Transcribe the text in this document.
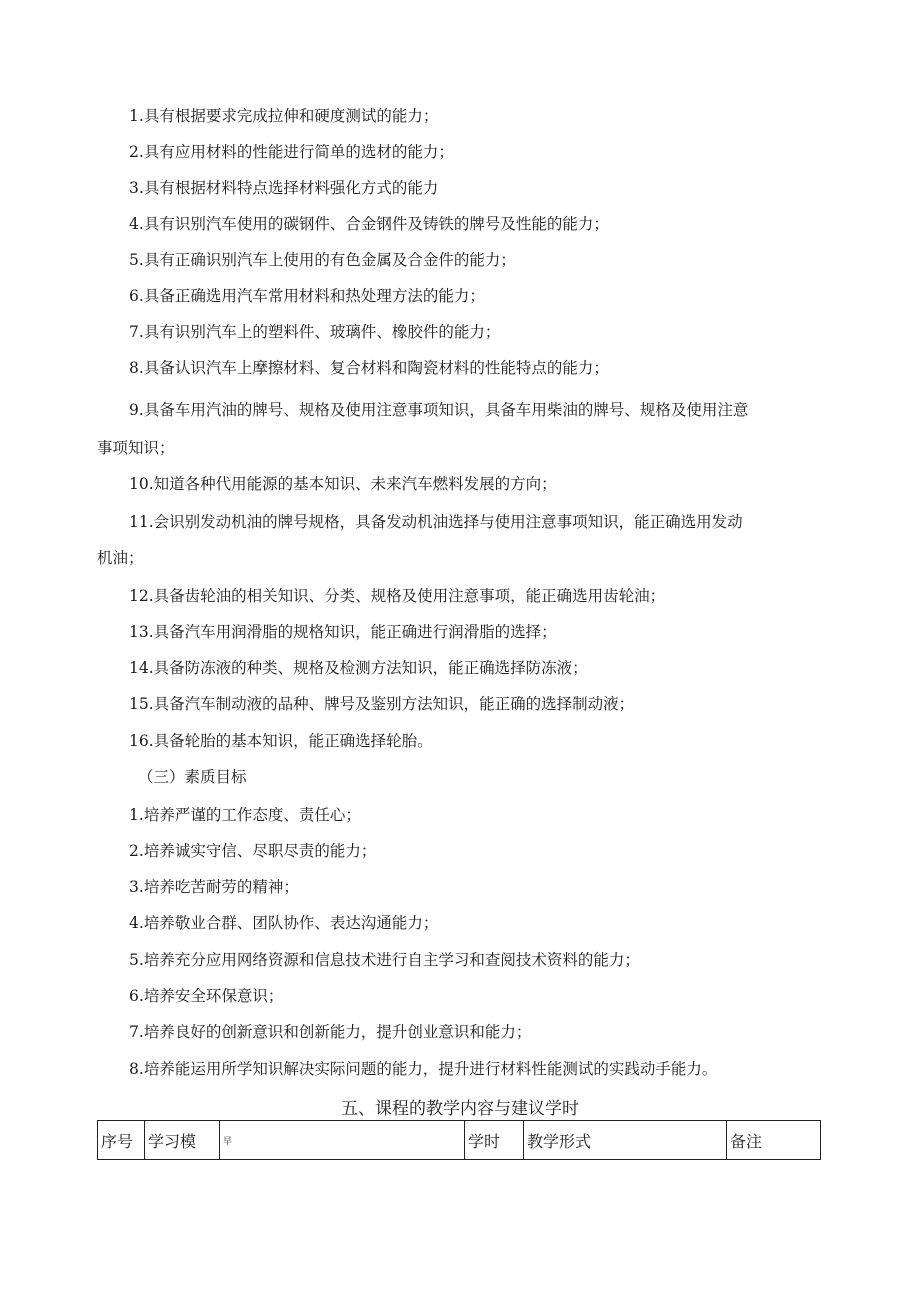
1.具有根据要求完成拉伸和硬度测试的能力；
2.具有应用材料的性能进行简单的选材的能力；
3.具有根据材料特点选择材料强化方式的能力
4.具有识别汽车使用的碳钢件、合金钢件及铸铁的牌号及性能的能力；
5.具有正确识别汽车上使用的有色金属及合金件的能力；
6.具备正确选用汽车常用材料和热处理方法的能力；
7.具有识别汽车上的塑料件、玻璃件、橡胶件的能力；
8.具备认识汽车上摩擦材料、复合材料和陶瓷材料的性能特点的能力；
9.具备车用汽油的牌号、规格及使用注意事项知识，具备车用柴油的牌号、规格及使用注意
事项知识；
10.知道各种代用能源的基本知识、未来汽车燃料发展的方向；
11.会识别发动机油的牌号规格，具备发动机油选择与使用注意事项知识，能正确选用发动
机油；
12.具备齿轮油的相关知识、分类、规格及使用注意事项，能正确选用齿轮油；
13.具备汽车用润滑脂的规格知识，能正确进行润滑脂的选择；
14.具备防冻液的种类、规格及检测方法知识，能正确选择防冻液；
15.具备汽车制动液的品种、牌号及鉴别方法知识，能正确的选择制动液；
16.具备轮胎的基本知识，能正确选择轮胎。
（三）素质目标
1.培养严谨的工作态度、责任心；
2.培养诚实守信、尽职尽责的能力；
3.培养吃苦耐劳的精神；
4.培养敬业合群、团队协作、表达沟通能力；
5.培养充分应用网络资源和信息技术进行自主学习和查阅技术资料的能力；
6.培养安全环保意识；
7.培养良好的创新意识和创新能力，提升创业意识和能力；
8.培养能运用所学知识解决实际问题的能力，提升进行材料性能测试的实践动手能力。
五、课程的教学内容与建议学时
序号	学习模	早	学时	教学形式	备注
